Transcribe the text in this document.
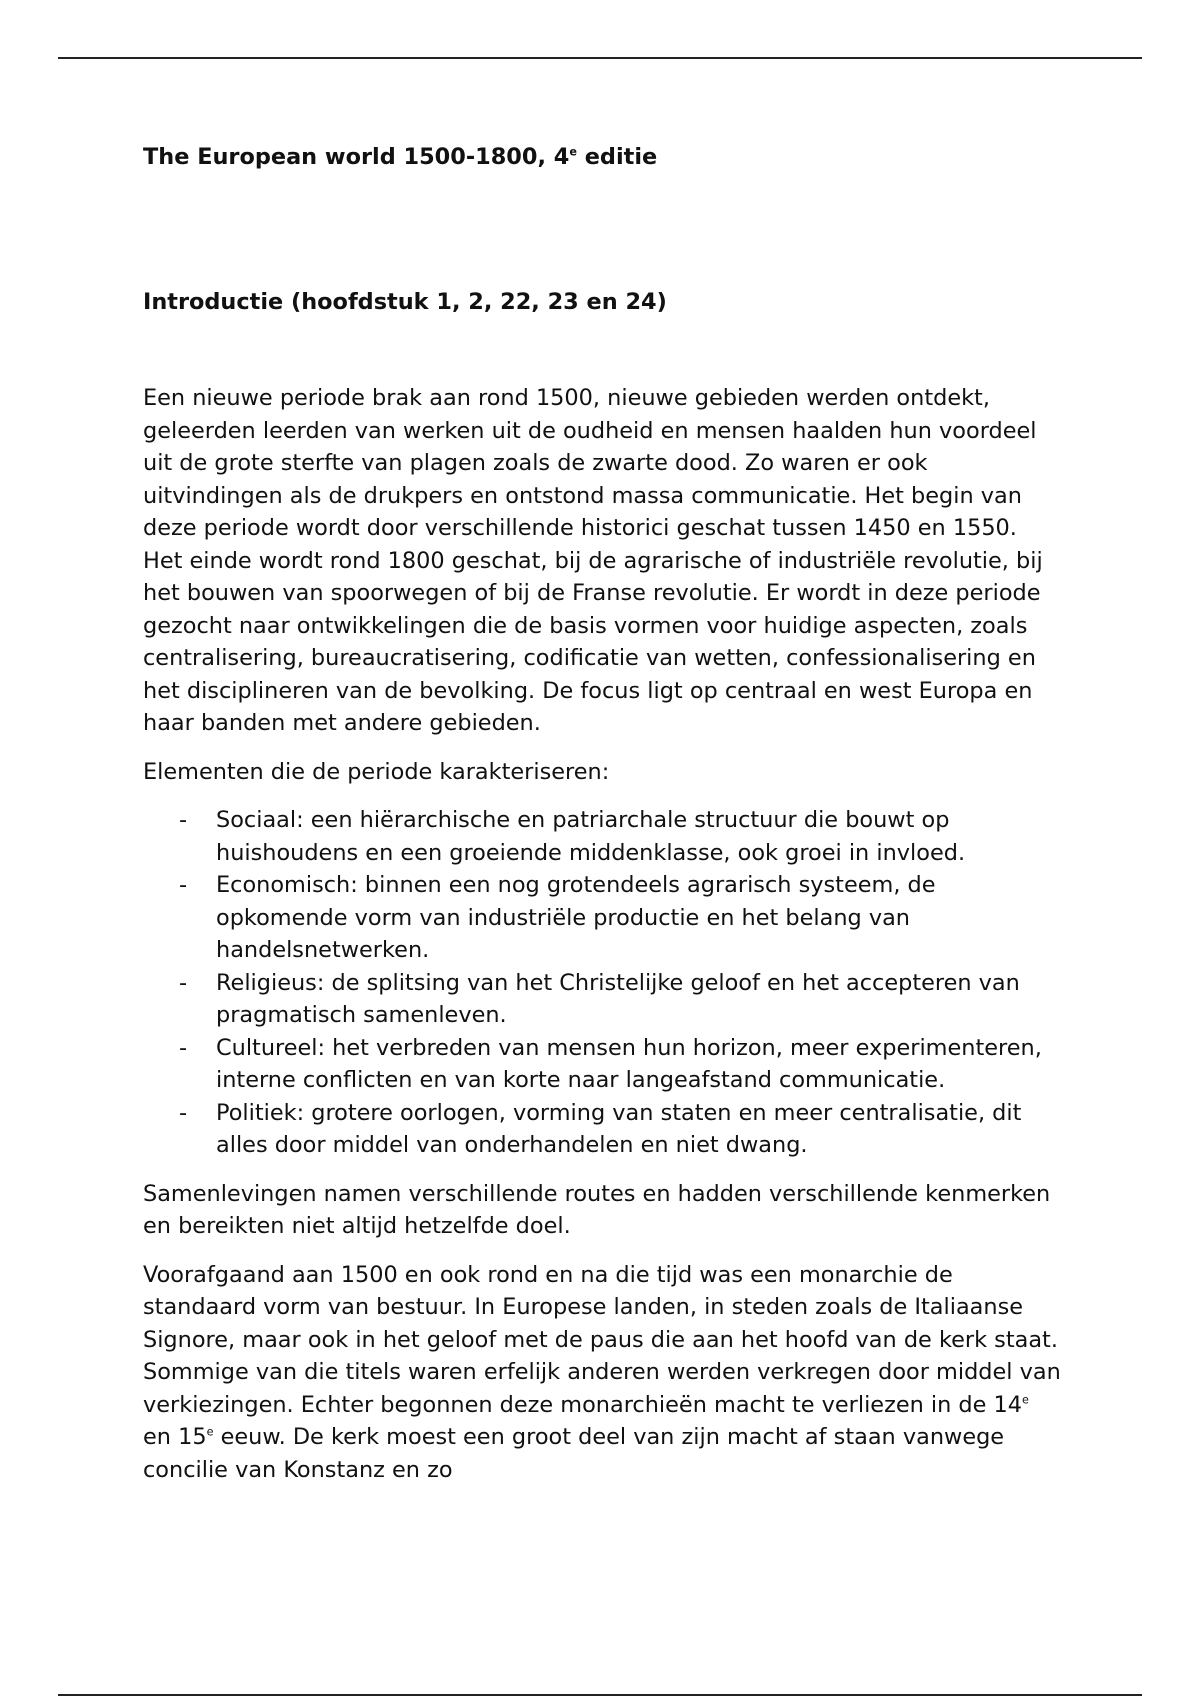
The European world 1500-1800, 4e editie

Introductie (hoofdstuk 1, 2, 22, 23 en 24)

Een nieuwe periode brak aan rond 1500, nieuwe gebieden werden ontdekt, geleerden leerden van werken uit de oudheid en mensen haalden hun voordeel uit de grote sterfte van plagen zoals de zwarte dood. Zo waren er ook uitvindingen als de drukpers en ontstond massa communicatie. Het begin van deze periode wordt door verschillende historici geschat tussen 1450 en 1550. Het einde wordt rond 1800 geschat, bij de agrarische of industriële revolutie, bij het bouwen van spoorwegen of bij de Franse revolutie. Er wordt in deze periode gezocht naar ontwikkelingen die de basis vormen voor huidige aspecten, zoals centralisering, bureaucratisering, codificatie van wetten, confessionalisering en het disciplineren van de bevolking. De focus ligt op centraal en west Europa en haar banden met andere gebieden.

Elementen die de periode karakteriseren:

- Sociaal: een hiërarchische en patriarchale structuur die bouwt op huishoudens en een groeiende middenklasse, ook groei in invloed.
- Economisch: binnen een nog grotendeels agrarisch systeem, de opkomende vorm van industriële productie en het belang van handelsnetwerken.
- Religieus: de splitsing van het Christelijke geloof en het accepteren van pragmatisch samenleven.
- Cultureel: het verbreden van mensen hun horizon, meer experimenteren, interne conflicten en van korte naar langeafstand communicatie.
- Politiek: grotere oorlogen, vorming van staten en meer centralisatie, dit alles door middel van onderhandelen en niet dwang.

Samenlevingen namen verschillende routes en hadden verschillende kenmerken en bereikten niet altijd hetzelfde doel.

Voorafgaand aan 1500 en ook rond en na die tijd was een monarchie de standaard vorm van bestuur. In Europese landen, in steden zoals de Italiaanse Signore, maar ook in het geloof met de paus die aan het hoofd van de kerk staat. Sommige van die titels waren erfelijk anderen werden verkregen door middel van verkiezingen. Echter begonnen deze monarchieën macht te verliezen in de 14e en 15e eeuw. De kerk moest een groot deel van zijn macht af staan vanwege concilie van Konstanz en zo
